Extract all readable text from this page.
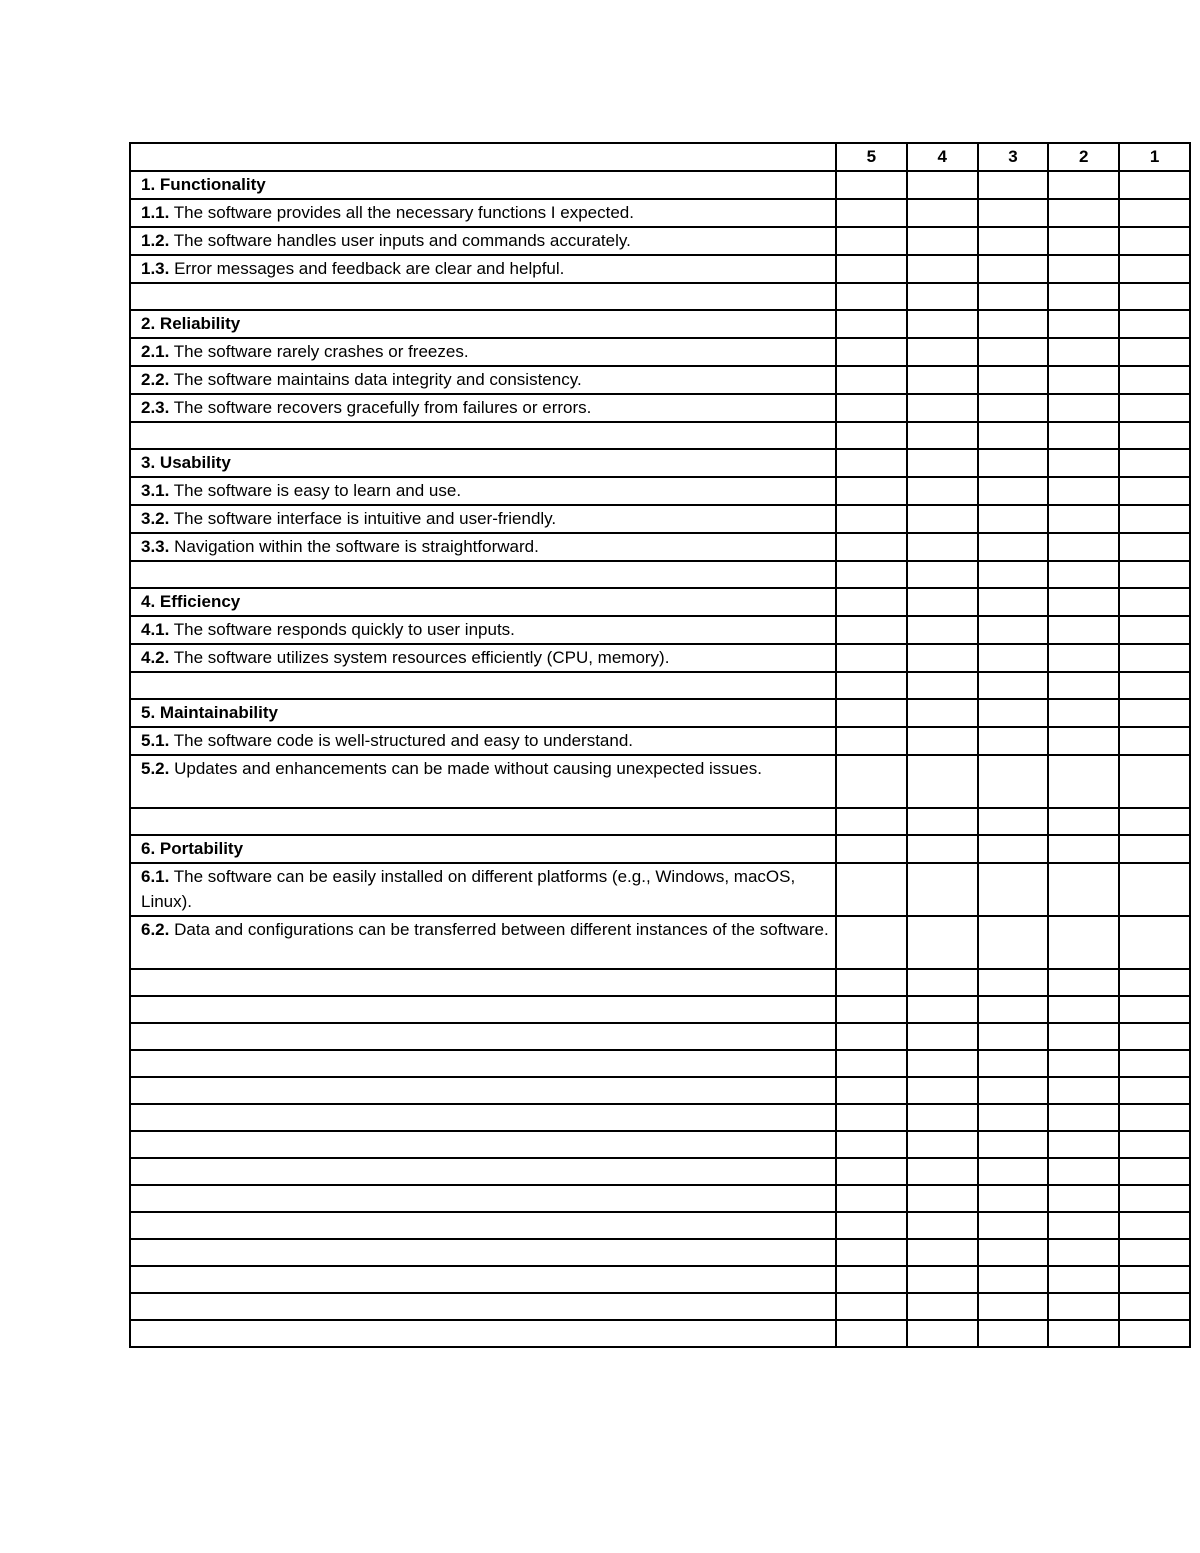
	5	4	3	2	1
1. Functionality					
1.1. The software provides all the necessary functions I expected.					
1.2. The software handles user inputs and commands accurately.					
1.3. Error messages and feedback are clear and helpful.					

2. Reliability					
2.1. The software rarely crashes or freezes.					
2.2. The software maintains data integrity and consistency.					
2.3. The software recovers gracefully from failures or errors.					

3. Usability					
3.1. The software is easy to learn and use.					
3.2. The software interface is intuitive and user-friendly.					
3.3. Navigation within the software is straightforward.					

4. Efficiency					
4.1. The software responds quickly to user inputs.					
4.2. The software utilizes system resources efficiently (CPU, memory).					

5. Maintainability					
5.1. The software code is well-structured and easy to understand.					
5.2. Updates and enhancements can be made without causing unexpected issues.					

6. Portability					
6.1. The software can be easily installed on different platforms (e.g., Windows, macOS, Linux).					
6.2. Data and configurations can be transferred between different instances of the software.					
